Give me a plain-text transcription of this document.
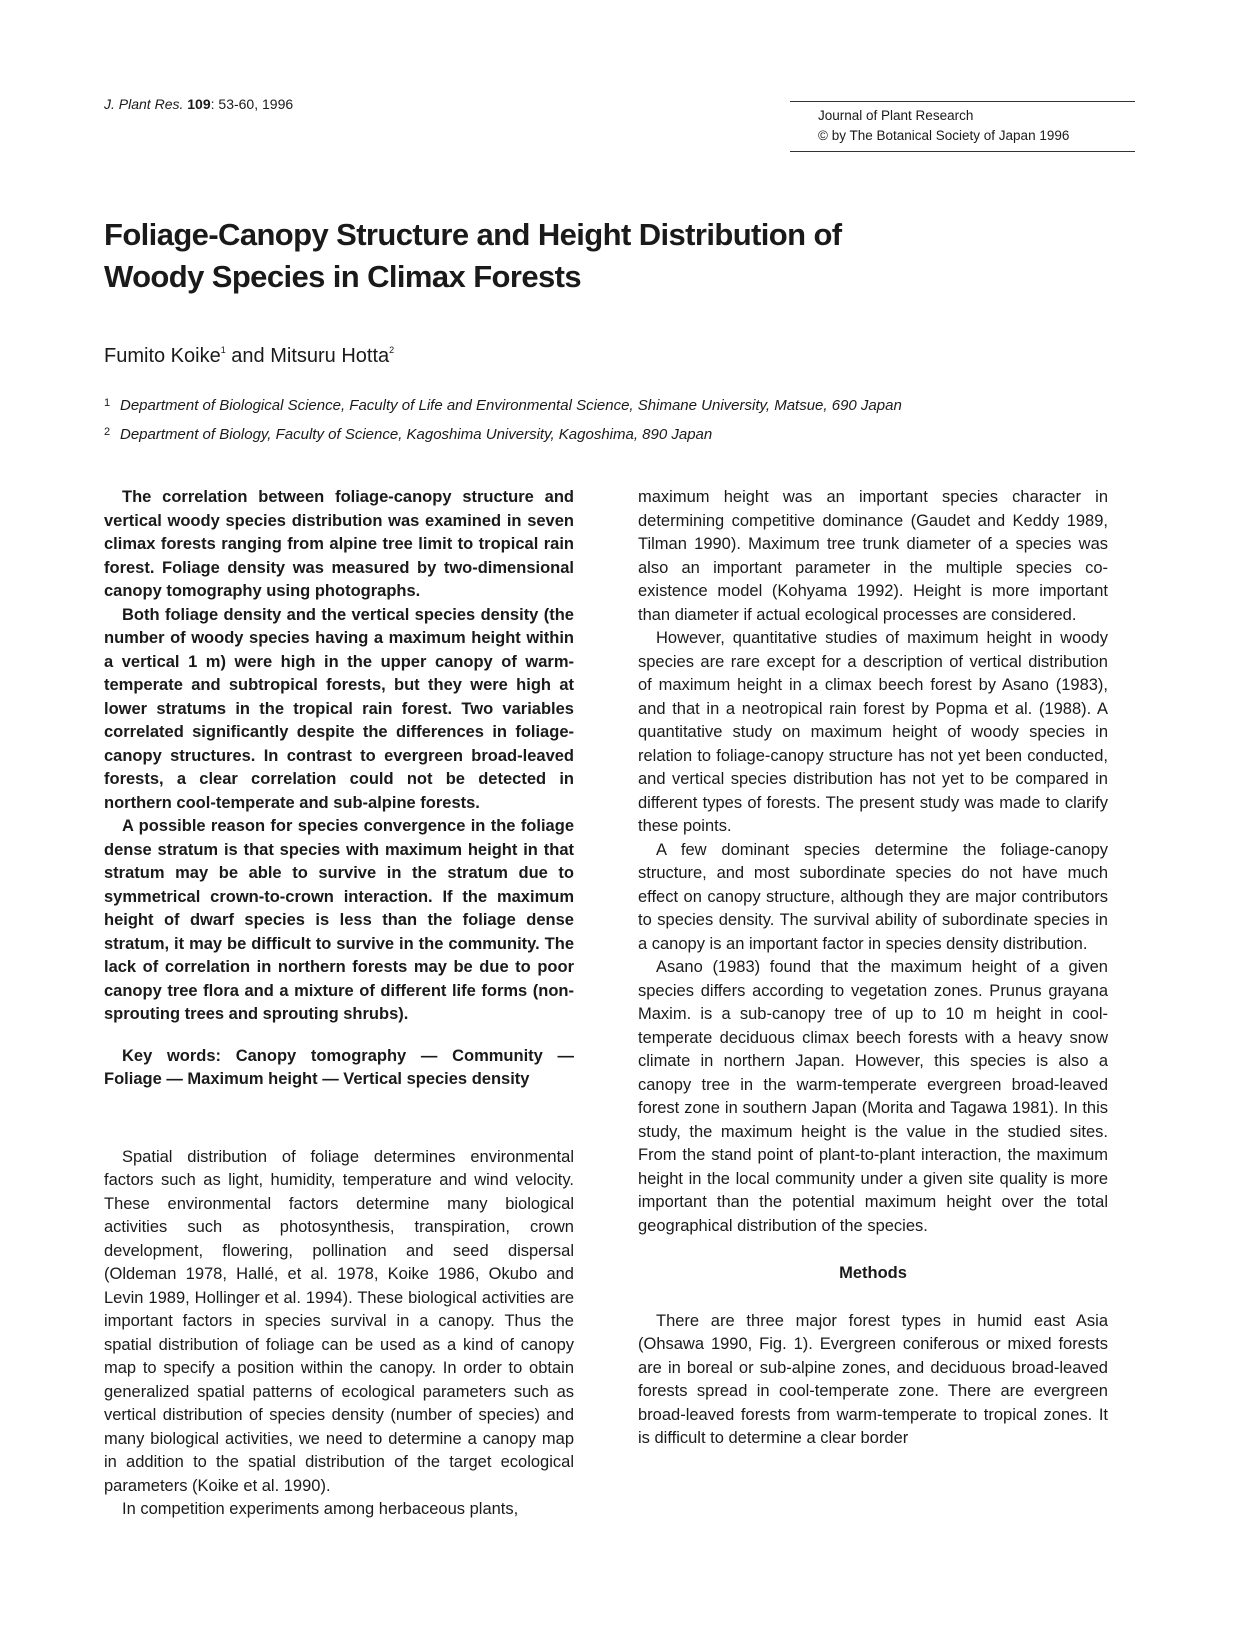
J. Plant Res. 109: 53-60, 1996
Journal of Plant Research
© by The Botanical Society of Japan 1996
Foliage-Canopy Structure and Height Distribution of
Woody Species in Climax Forests
Fumito Koike$^1$ and Mitsuru Hotta$^2$
1 Department of Biological Science, Faculty of Life and Environmental Science, Shimane University, Matsue, 690 Japan
2 Department of Biology, Faculty of Science, Kagoshima University, Kagoshima, 890 Japan

The correlation between foliage-canopy structure and vertical woody species distribution was examined in seven climax forests ranging from alpine tree limit to tropical rain forest. Foliage density was measured by two-dimensional canopy tomography using photographs.

Both foliage density and the vertical species density (the number of woody species having a maximum height within a vertical 1 m) were high in the upper canopy of warm-temperate and subtropical forests, but they were high at lower stratums in the tropical rain forest. Two variables correlated significantly despite the differences in foliage-canopy structures. In contrast to evergreen broad-leaved forests, a clear correlation could not be detected in northern cool-temperate and sub-alpine forests.

A possible reason for species convergence in the foliage dense stratum is that species with maximum height in that stratum may be able to survive in the stratum due to symmetrical crown-to-crown interaction. If the maximum height of dwarf species is less than the foliage dense stratum, it may be difficult to survive in the community. The lack of correlation in northern forests may be due to poor canopy tree flora and a mixture of different life forms (non-sprouting trees and sprouting shrubs).

Key words: Canopy tomography — Community — Foliage — Maximum height — Vertical species density

Spatial distribution of foliage determines environmental factors such as light, humidity, temperature and wind velocity. These environmental factors determine many biological activities such as photosynthesis, transpiration, crown development, flowering, pollination and seed dispersal (Oldeman 1978, Hallé, et al. 1978, Koike 1986, Okubo and Levin 1989, Hollinger et al. 1994). These biological activities are important factors in species survival in a canopy. Thus the spatial distribution of foliage can be used as a kind of canopy map to specify a position within the canopy. In order to obtain generalized spatial patterns of ecological parameters such as vertical distribution of species density (number of species) and many biological activities, we need to determine a canopy map in addition to the spatial distribution of the target ecological parameters (Koike et al. 1990).

In competition experiments among herbaceous plants,

maximum height was an important species character in determining competitive dominance (Gaudet and Keddy 1989, Tilman 1990). Maximum tree trunk diameter of a species was also an important parameter in the multiple species co-existence model (Kohyama 1992). Height is more important than diameter if actual ecological processes are considered.

However, quantitative studies of maximum height in woody species are rare except for a description of vertical distribution of maximum height in a climax beech forest by Asano (1983), and that in a neotropical rain forest by Popma et al. (1988). A quantitative study on maximum height of woody species in relation to foliage-canopy structure has not yet been conducted, and vertical species distribution has not yet to be compared in different types of forests. The present study was made to clarify these points.

A few dominant species determine the foliage-canopy structure, and most subordinate species do not have much effect on canopy structure, although they are major contributors to species density. The survival ability of subordinate species in a canopy is an important factor in species density distribution.

Asano (1983) found that the maximum height of a given species differs according to vegetation zones. Prunus grayana Maxim. is a sub-canopy tree of up to 10 m height in cool-temperate deciduous climax beech forests with a heavy snow climate in northern Japan. However, this species is also a canopy tree in the warm-temperate evergreen broad-leaved forest zone in southern Japan (Morita and Tagawa 1981). In this study, the maximum height is the value in the studied sites. From the stand point of plant-to-plant interaction, the maximum height in the local community under a given site quality is more important than the potential maximum height over the total geographical distribution of the species.

Methods

There are three major forest types in humid east Asia (Ohsawa 1990, Fig. 1). Evergreen coniferous or mixed forests are in boreal or sub-alpine zones, and deciduous broad-leaved forests spread in cool-temperate zone. There are evergreen broad-leaved forests from warm-temperate to tropical zones. It is difficult to determine a clear border
